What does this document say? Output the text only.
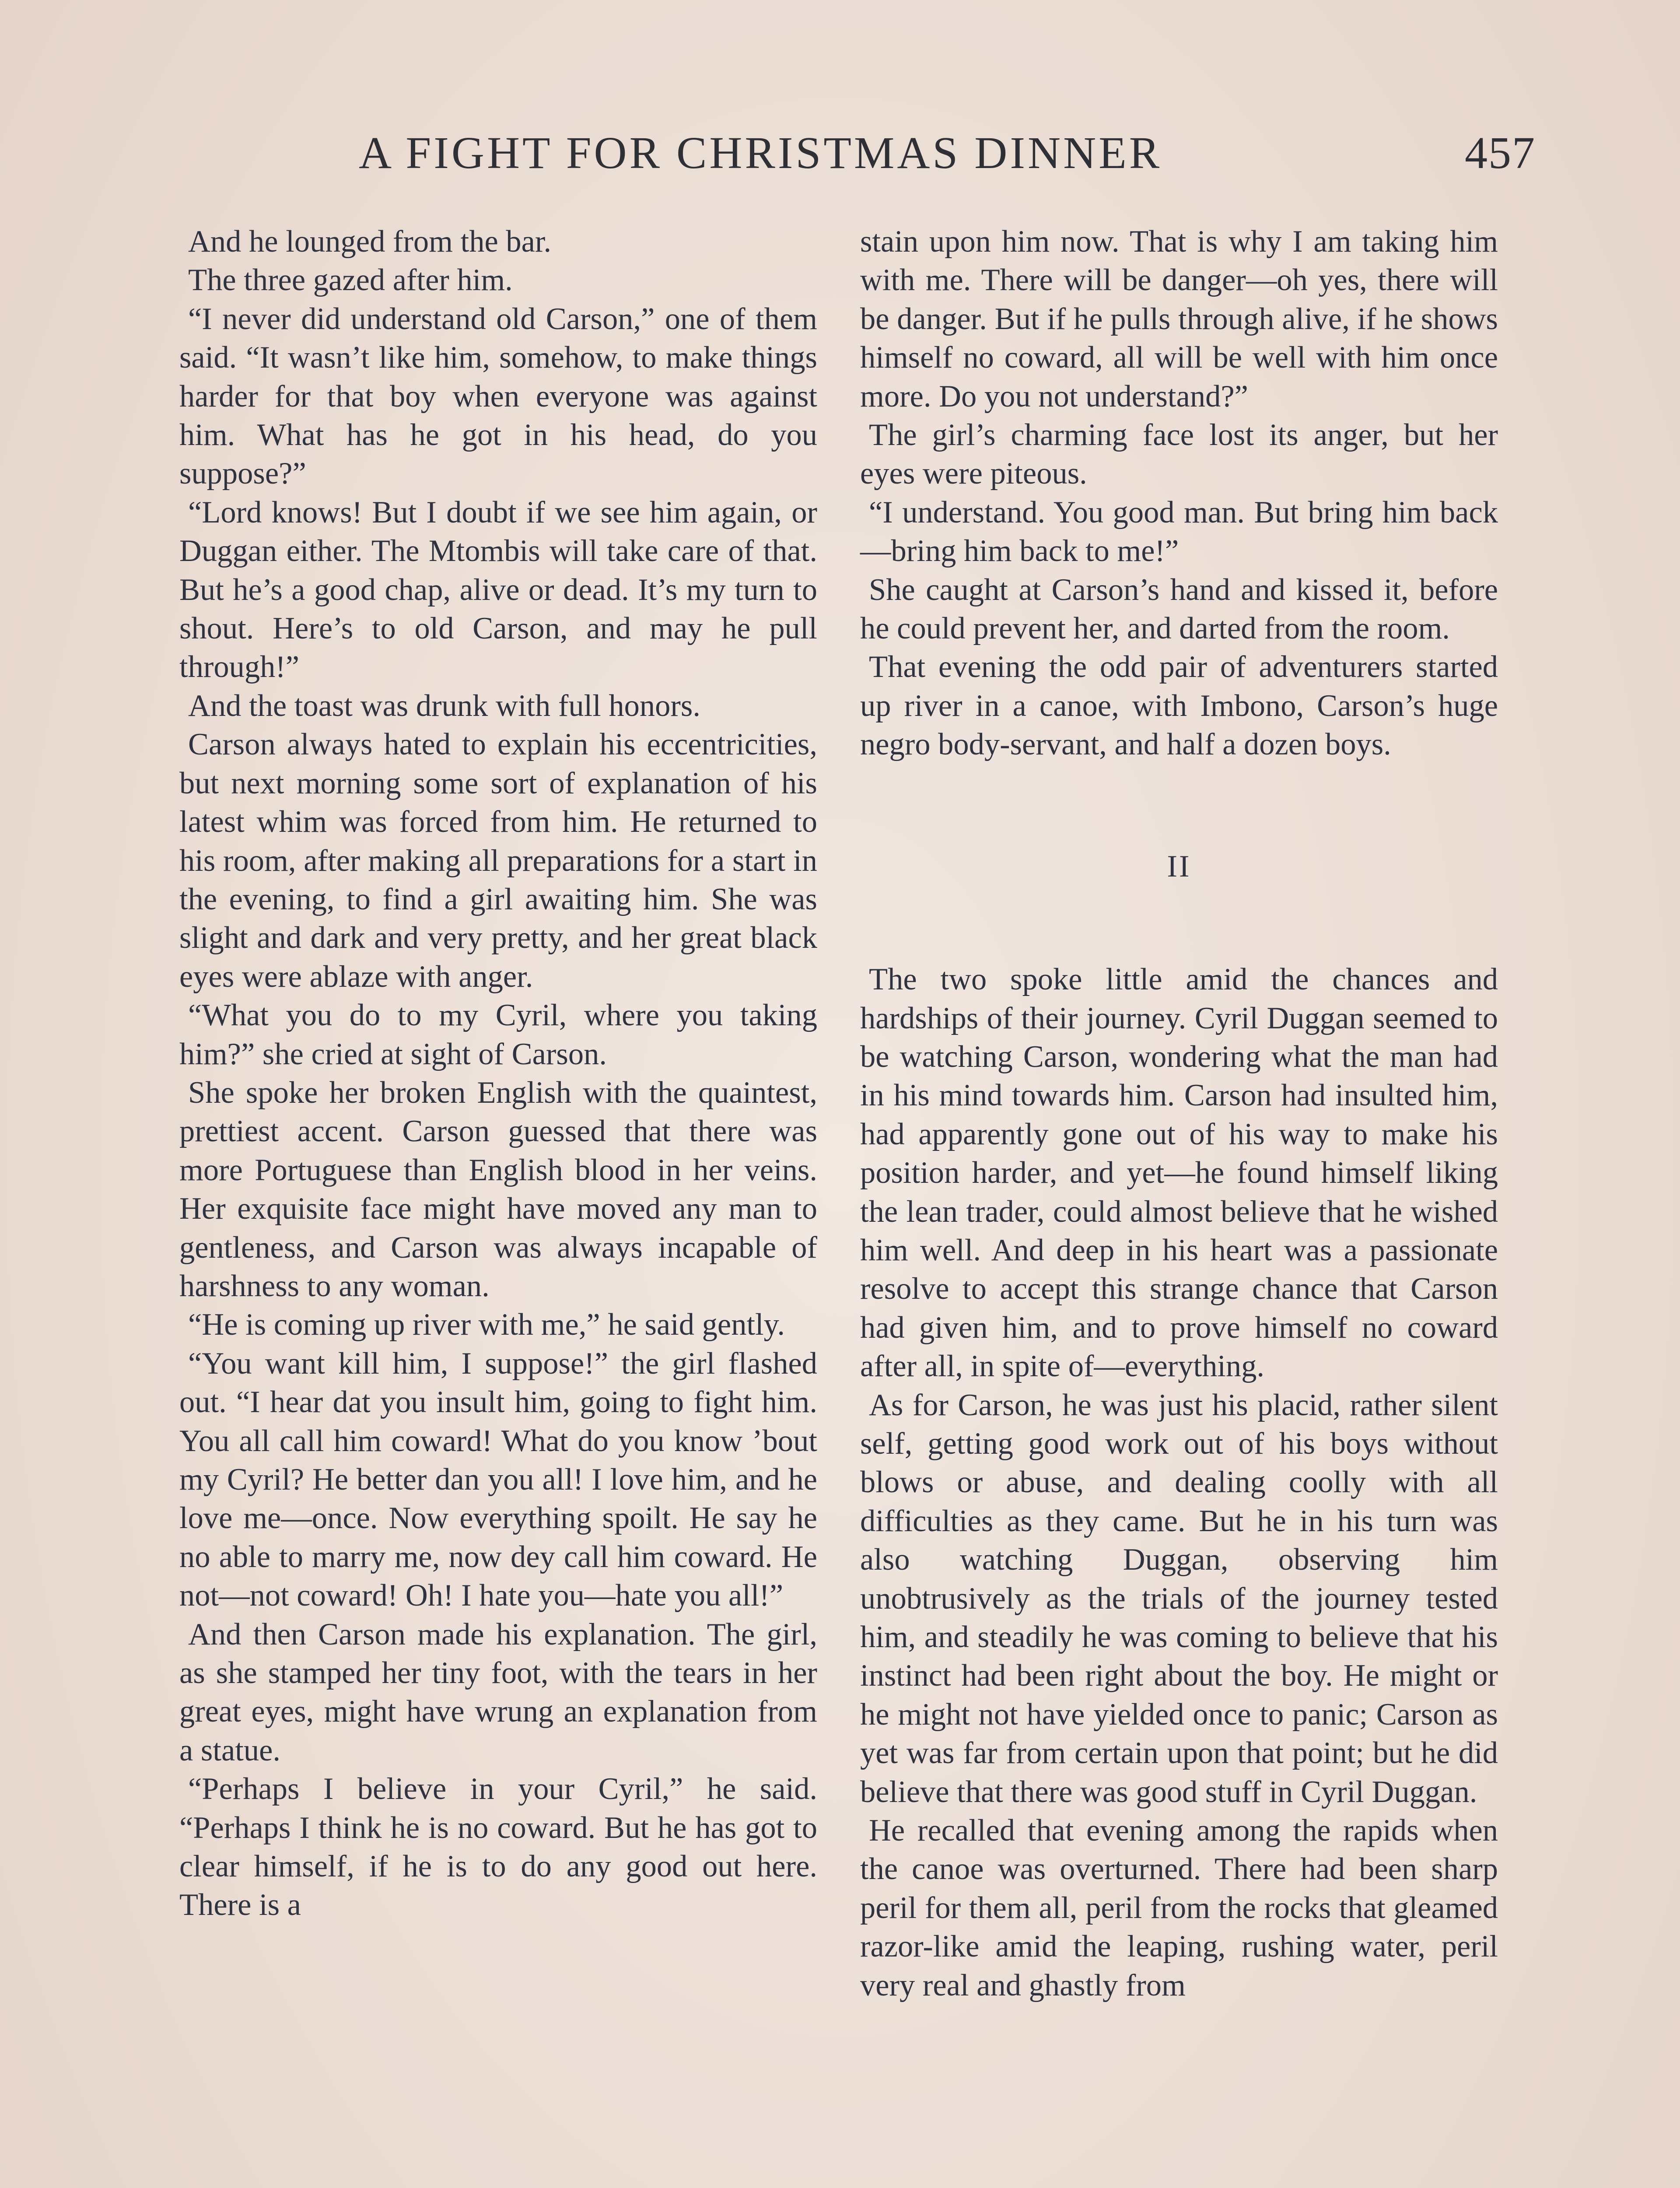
A FIGHT FOR CHRISTMAS DINNER	457

And he lounged from the bar.

The three gazed after him.

“I never did understand old Carson,” one of them said. “It wasn’t like him, somehow, to make things harder for that boy when everyone was against him. What has he got in his head, do you suppose?”

“Lord knows! But I doubt if we see him again, or Duggan either. The Mtombis will take care of that. But he’s a good chap, alive or dead. It’s my turn to shout. Here’s to old Carson, and may he pull through!”

And the toast was drunk with full honors.

Carson always hated to explain his eccentricities, but next morning some sort of explanation of his latest whim was forced from him. He returned to his room, after making all preparations for a start in the evening, to find a girl awaiting him. She was slight and dark and very pretty, and her great black eyes were ablaze with anger.

“What you do to my Cyril, where you taking him?” she cried at sight of Carson.

She spoke her broken English with the quaintest, prettiest accent. Carson guessed that there was more Portuguese than English blood in her veins. Her exquisite face might have moved any man to gentleness, and Carson was always incapable of harshness to any woman.

“He is coming up river with me,” he said gently.

“You want kill him, I suppose!” the girl flashed out. “I hear dat you insult him, going to fight him. You all call him coward! What do you know ’bout my Cyril? He better dan you all! I love him, and he love me—once. Now everything spoilt. He say he no able to marry me, now dey call him coward. He not—not coward! Oh! I hate you—hate you all!”

And then Carson made his explanation. The girl, as she stamped her tiny foot, with the tears in her great eyes, might have wrung an explanation from a statue.

“Perhaps I believe in your Cyril,” he said. “Perhaps I think he is no coward. But he has got to clear himself, if he is to do any good out here. There is a

stain upon him now. That is why I am taking him with me. There will be danger—oh yes, there will be danger. But if he pulls through alive, if he shows himself no coward, all will be well with him once more. Do you not understand?”

The girl’s charming face lost its anger, but her eyes were piteous.

“I understand. You good man. But bring him back—bring him back to me!”

She caught at Carson’s hand and kissed it, before he could prevent her, and darted from the room.

That evening the odd pair of adventurers started up river in a canoe, with Imbono, Carson’s huge negro body-servant, and half a dozen boys.

II

The two spoke little amid the chances and hardships of their journey. Cyril Duggan seemed to be watching Carson, wondering what the man had in his mind towards him. Carson had insulted him, had apparently gone out of his way to make his position harder, and yet—he found himself liking the lean trader, could almost believe that he wished him well. And deep in his heart was a passionate resolve to accept this strange chance that Carson had given him, and to prove himself no coward after all, in spite of—everything.

As for Carson, he was just his placid, rather silent self, getting good work out of his boys without blows or abuse, and dealing coolly with all difficulties as they came. But he in his turn was also watching Duggan, observing him unobtrusively as the trials of the journey tested him, and steadily he was coming to believe that his instinct had been right about the boy. He might or he might not have yielded once to panic; Carson as yet was far from certain upon that point; but he did believe that there was good stuff in Cyril Duggan.

He recalled that evening among the rapids when the canoe was overturned. There had been sharp peril for them all, peril from the rocks that gleamed razor-like amid the leaping, rushing water, peril very real and ghastly from
